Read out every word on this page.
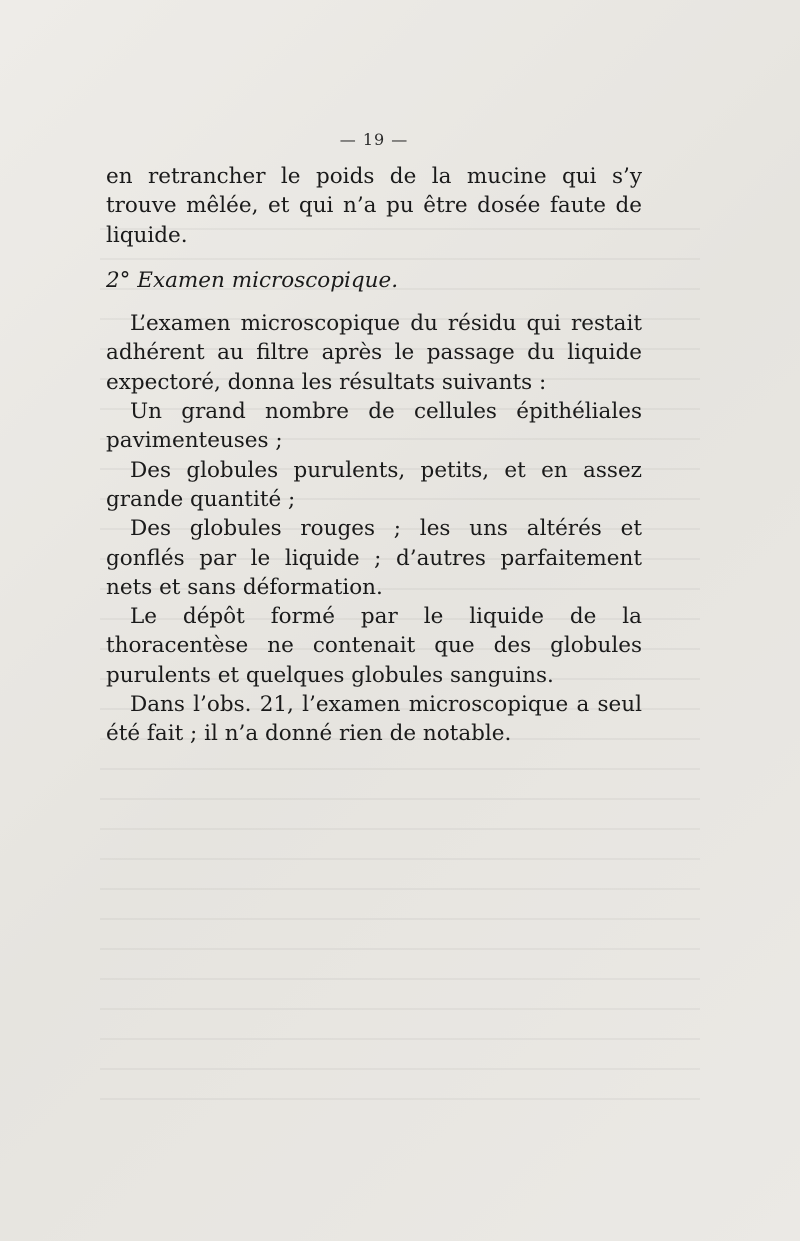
— 19 —

en retrancher le poids de la mucine qui s’y trouve mêlée, et qui n’a pu être dosée faute de liquide.

2° Examen microscopique.

L’examen microscopique du résidu qui restait adhérent au filtre après le passage du liquide expectoré, donna les résultats suivants :

Un grand nombre de cellules épithéliales pavimenteuses ;

Des globules purulents, petits, et en assez grande quantité ;

Des globules rouges ; les uns altérés et gonflés par le liquide ; d’autres parfaitement nets et sans déformation.

Le dépôt formé par le liquide de la thoracentèse ne contenait que des globules purulents et quelques globules sanguins.

Dans l’obs. 21, l’examen microscopique a seul été fait ; il n’a donné rien de notable.
